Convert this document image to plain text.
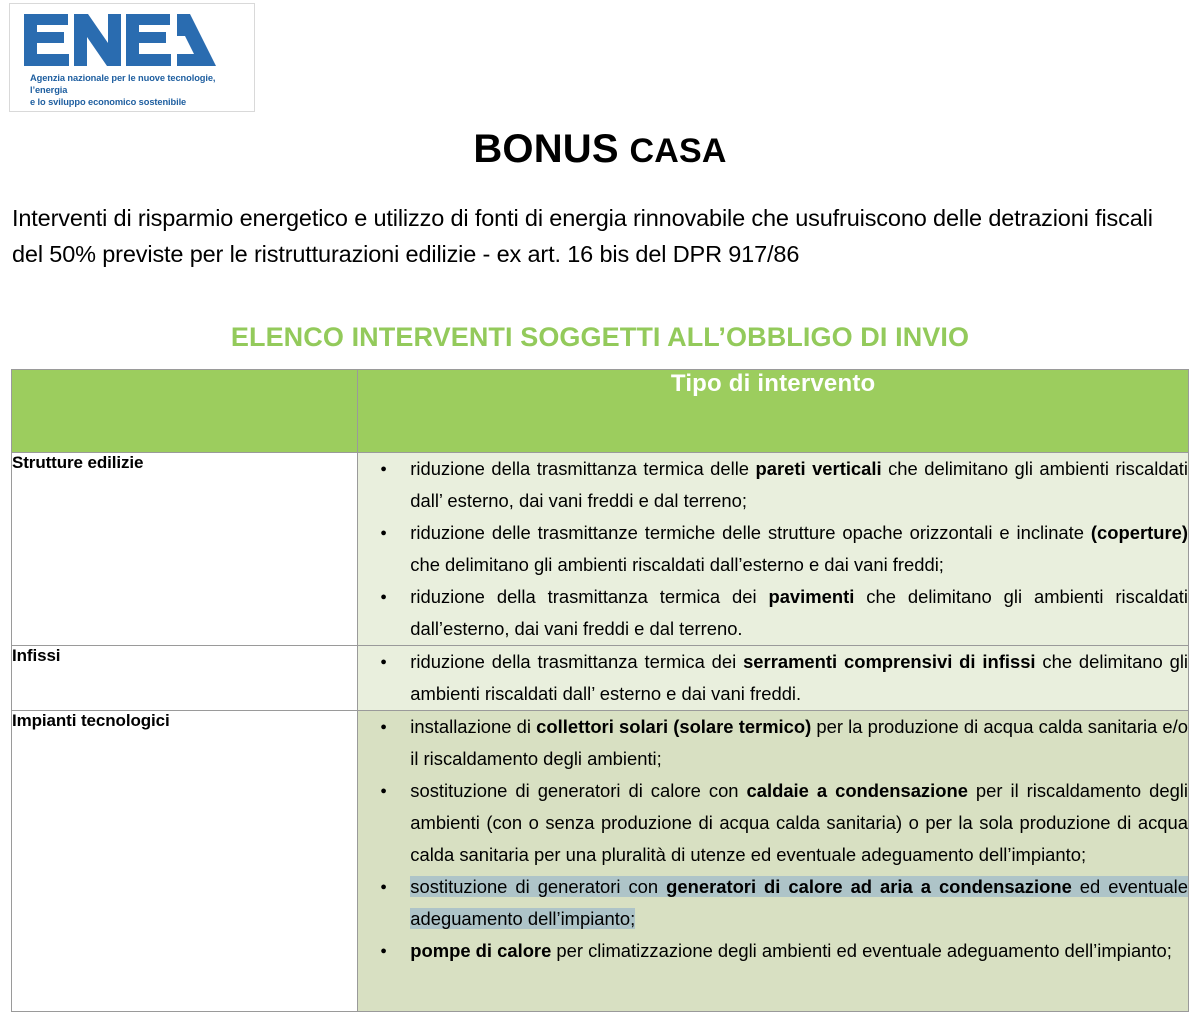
Agenzia nazionale per le nuove tecnologie, l’energia
e lo sviluppo economico sostenibile
BONUS CASA
Interventi di risparmio energetico e utilizzo di fonti di energia rinnovabile che usufruiscono delle detrazioni fiscali del 50% previste per le ristrutturazioni edilizie - ex art. 16 bis del DPR 917/86
ELENCO INTERVENTI SOGGETTI ALL’OBBLIGO DI INVIO
	Tipo di intervento
Strutture edilizie	
●riduzione della trasmittanza termica delle pareti verticali che delimitano gli ambienti riscaldati dall’ esterno, dai vani freddi e dal terreno;
● riduzione delle trasmittanze termiche delle strutture opache orizzontali e inclinate (coperture) che delimitano gli ambienti riscaldati dall’esterno e dai vani freddi;
● riduzione della trasmittanza termica dei pavimenti che delimitano gli ambienti riscaldati dall’esterno, dai vani freddi e dal terreno.

Infissi	
●riduzione della trasmittanza termica dei serramenti comprensivi di infissi che delimitano gli ambienti riscaldati dall’ esterno e dai vani freddi.

Impianti tecnologici	
●installazione di collettori solari (solare termico) per la produzione di acqua calda sanitaria e/o il riscaldamento degli ambienti;
● sostituzione di generatori di calore con caldaie a condensazione per il riscaldamento degli ambienti (con o senza produzione di acqua calda sanitaria) o per la sola produzione di acqua calda sanitaria per una pluralità di utenze ed eventuale adeguamento dell’impianto;
● sostituzione di generatori con generatori di calore ad aria a condensazione ed eventuale adeguamento dell’impianto;
● pompe di calore per climatizzazione degli ambienti ed eventuale adeguamento dell’impianto;
